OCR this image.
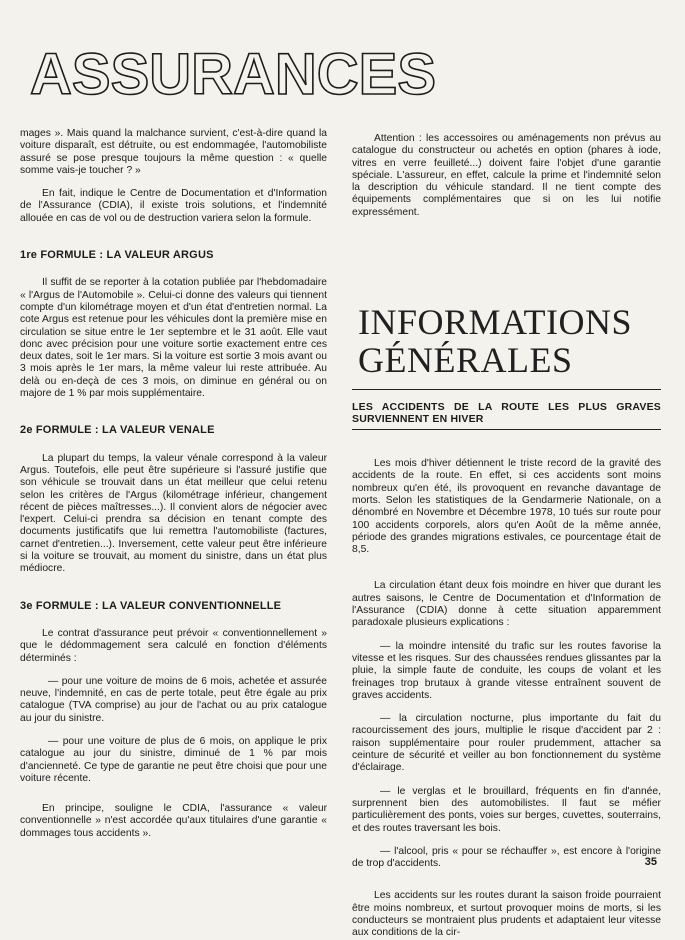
ASSURANCES

mages ». Mais quand la malchance survient, c'est-à-dire quand la voiture disparaît, est détruite, ou est endommagée, l'automobiliste assuré se pose presque toujours la même question : « quelle somme vais-je toucher ? »

En fait, indique le Centre de Documentation et d'Information de l'Assurance (CDIA), il existe trois solutions, et l'indemnité allouée en cas de vol ou de destruction variera selon la formule.

1re FORMULE : LA VALEUR ARGUS

Il suffit de se reporter à la cotation publiée par l'hebdomadaire « l'Argus de l'Automobile ». Celui-ci donne des valeurs qui tiennent compte d'un kilométrage moyen et d'un état d'entretien normal. La cote Argus est retenue pour les véhicules dont la première mise en circulation se situe entre le 1er septembre et le 31 août. Elle vaut donc avec précision pour une voiture sortie exactement entre ces deux dates, soit le 1er mars. Si la voiture est sortie 3 mois avant ou 3 mois après le 1er mars, la même valeur lui reste attribuée. Au delà ou en-deçà de ces 3 mois, on diminue en général ou on majore de 1 % par mois supplémentaire.

2e FORMULE : LA VALEUR VENALE

La plupart du temps, la valeur vénale correspond à la valeur Argus. Toutefois, elle peut être supérieure si l'assuré justifie que son véhicule se trouvait dans un état meilleur que celui retenu selon les critères de l'Argus (kilométrage inférieur, changement récent de pièces maîtresses...). Il convient alors de négocier avec l'expert. Celui-ci prendra sa décision en tenant compte des documents justificatifs que lui remettra l'automobiliste (factures, carnet d'entretien...). Inversement, cette valeur peut être inférieure si la voiture se trouvait, au moment du sinistre, dans un état plus médiocre.

3e FORMULE : LA VALEUR CONVENTIONNELLE

Le contrat d'assurance peut prévoir « conventionnellement » que le dédommagement sera calculé en fonction d'éléments déterminés :

— pour une voiture de moins de 6 mois, achetée et assurée neuve, l'indemnité, en cas de perte totale, peut être égale au prix catalogue (TVA comprise) au jour de l'achat ou au prix catalogue au jour du sinistre.

— pour une voiture de plus de 6 mois, on applique le prix catalogue au jour du sinistre, diminué de 1 % par mois d'ancienneté. Ce type de garantie ne peut être choisi que pour une voiture récente.

En principe, souligne le CDIA, l'assurance « valeur conventionnelle » n'est accordée qu'aux titulaires d'une garantie « dommages tous accidents ».

Attention : les accessoires ou aménagements non prévus au catalogue du constructeur ou achetés en option (phares à iode, vitres en verre feuilleté...) doivent faire l'objet d'une garantie spéciale. L'assureur, en effet, calcule la prime et l'indemnité selon la description du véhicule standard. Il ne tient compte des équipements complémentaires que si on les lui notifie expressément.

INFORMATIONS
GÉNÉRALES
LES ACCIDENTS DE LA ROUTE LES PLUS GRAVES SURVIENNENT EN HIVER

Les mois d'hiver détiennent le triste record de la gravité des accidents de la route. En effet, si ces accidents sont moins nombreux qu'en été, ils provoquent en revanche davantage de morts. Selon les statistiques de la Gendarmerie Nationale, on a dénombré en Novembre et Décembre 1978, 10 tués sur route pour 100 accidents corporels, alors qu'en Août de la même année, période des grandes migrations estivales, ce pourcentage était de 8,5.

La circulation étant deux fois moindre en hiver que durant les autres saisons, le Centre de Documentation et d'Information de l'Assurance (CDIA) donne à cette situation apparemment paradoxale plusieurs explications :

— la moindre intensité du trafic sur les routes favorise la vitesse et les risques. Sur des chaussées rendues glissantes par la pluie, la simple faute de conduite, les coups de volant et les freinages trop brutaux à grande vitesse entraînent souvent de graves accidents.

— la circulation nocturne, plus importante du fait du racourcissement des jours, multiplie le risque d'accident par 2 : raison supplémentaire pour rouler prudemment, attacher sa ceinture de sécurité et veiller au bon fonctionnement du système d'éclairage.

— le verglas et le brouillard, fréquents en fin d'année, surprennent bien des automobilistes. Il faut se méfier particulièrement des ponts, voies sur berges, cuvettes, souterrains, et des routes traversant les bois.

— l'alcool, pris « pour se réchauffer », est encore à l'origine de trop d'accidents.

Les accidents sur les routes durant la saison froide pourraient être moins nombreux, et surtout provoquer moins de morts, si les conducteurs se montraient plus prudents et adaptaient leur vitesse aux conditions de la cir-

35
